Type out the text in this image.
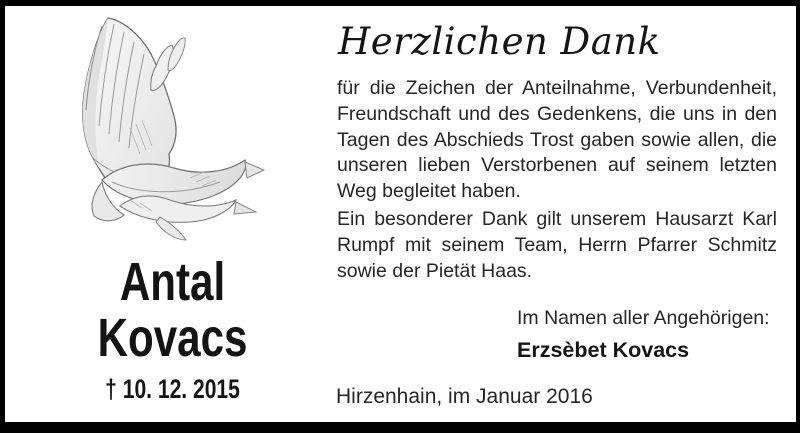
Antal
Kovacs
† 10. 12. 2015
Herzlichen Dank
für die Zeichen der Anteilnahme, Verbundenheit,
Freundschaft und des Gedenkens, die uns in den
Tagen des Abschieds Trost gaben sowie allen, die
unseren lieben Verstorbenen auf seinem letzten
Weg begleitet haben.
Ein besonderer Dank gilt unserem Hausarzt Karl
Rumpf mit seinem Team, Herrn Pfarrer Schmitz
sowie der Pietät Haas.
Im Namen aller Angehörigen:
Erzsèbet Kovacs
Hirzenhain, im Januar 2016
